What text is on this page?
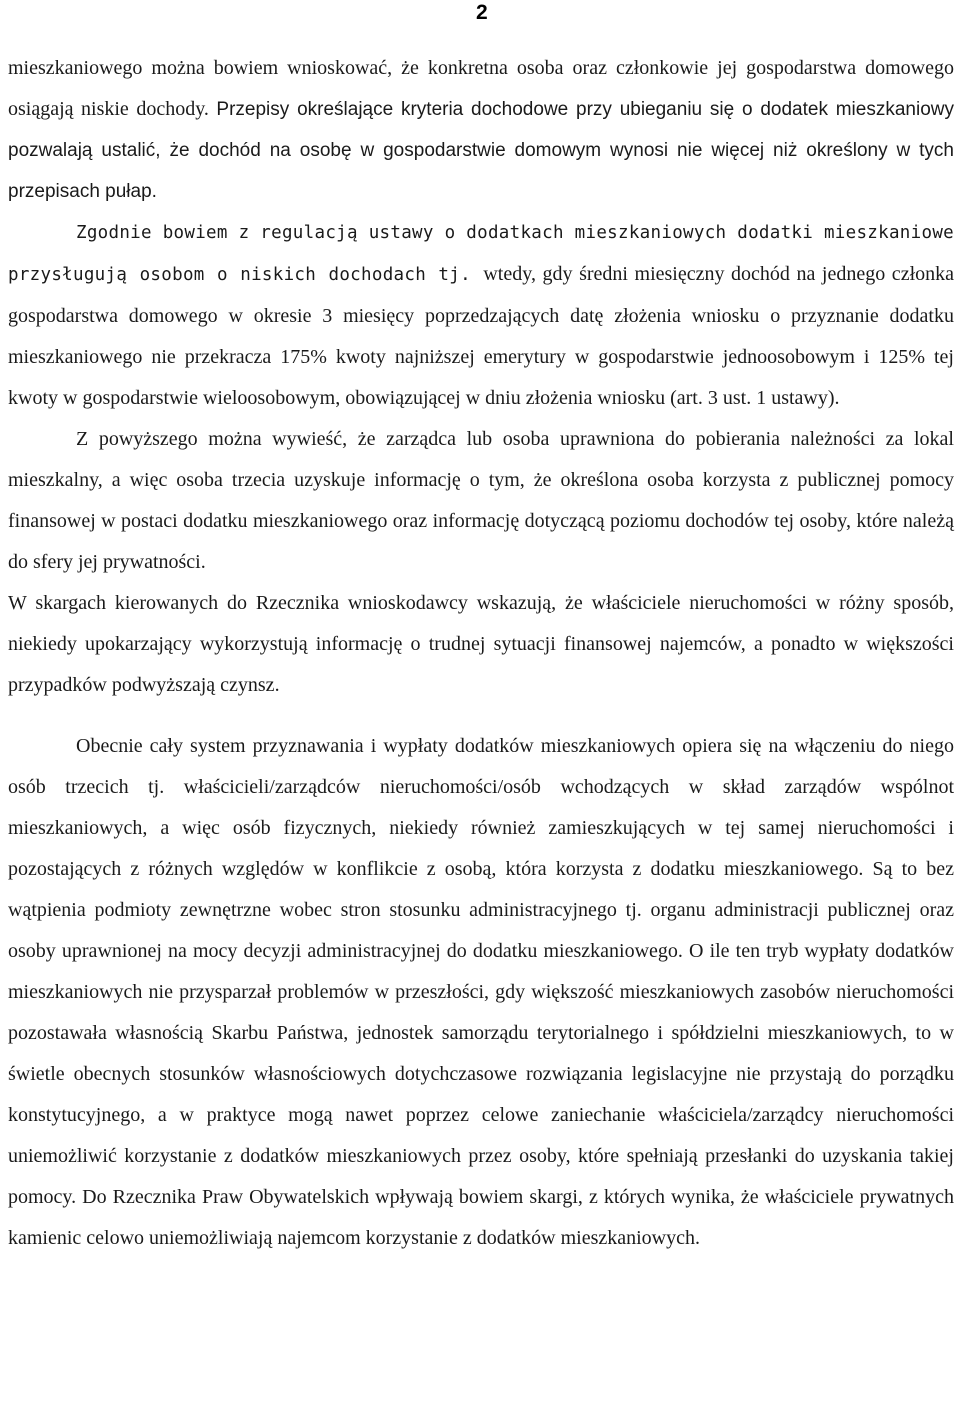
2

mieszkaniowego można bowiem wnioskować, że konkretna osoba oraz członkowie jej gospodarstwa domowego osiągają niskie dochody. Przepisy określające kryteria dochodowe przy ubieganiu się o dodatek mieszkaniowy pozwalają ustalić, że dochód na osobę w gospodarstwie domowym wynosi nie więcej niż określony w tych przepisach pułap.

Zgodnie bowiem z regulacją ustawy o dodatkach mieszkaniowych dodatki mieszkaniowe przysługują osobom o niskich dochodach tj. wtedy, gdy średni miesięczny dochód na jednego członka gospodarstwa domowego w okresie 3 miesięcy poprzedzających datę złożenia wniosku o przyznanie dodatku mieszkaniowego nie przekracza 175% kwoty najniższej emerytury w gospodarstwie jednoosobowym i 125% tej kwoty w gospodarstwie wieloosobowym, obowiązującej w dniu złożenia wniosku (art. 3 ust. 1 ustawy).

Z powyższego można wywieść, że zarządca lub osoba uprawniona do pobierania należności za lokal mieszkalny, a więc osoba trzecia uzyskuje informację o tym, że określona osoba korzysta z publicznej pomocy finansowej w postaci dodatku mieszkaniowego oraz informację dotyczącą poziomu dochodów tej osoby, które należą do sfery jej prywatności.

W skargach kierowanych do Rzecznika wnioskodawcy wskazują, że właściciele nieruchomości w różny sposób, niekiedy upokarzający wykorzystują informację o trudnej sytuacji finansowej najemców, a ponadto w większości przypadków podwyższają czynsz.

Obecnie cały system przyznawania i wypłaty dodatków mieszkaniowych opiera się na włączeniu do niego osób trzecich tj. właścicieli/zarządców nieruchomości/osób wchodzących w skład zarządów wspólnot mieszkaniowych, a więc osób fizycznych, niekiedy również zamieszkujących w tej samej nieruchomości i pozostających z różnych względów w konflikcie z osobą, która korzysta z dodatku mieszkaniowego. Są to bez wątpienia podmioty zewnętrzne wobec stron stosunku administracyjnego tj. organu administracji publicznej oraz osoby uprawnionej na mocy decyzji administracyjnej do dodatku mieszkaniowego. O ile ten tryb wypłaty dodatków mieszkaniowych nie przysparzał problemów w przeszłości, gdy większość mieszkaniowych zasobów nieruchomości pozostawała własnością Skarbu Państwa, jednostek samorządu terytorialnego i spółdzielni mieszkaniowych, to w świetle obecnych stosunków własnościowych dotychczasowe rozwiązania legislacyjne nie przystają do porządku konstytucyjnego, a w praktyce mogą nawet poprzez celowe zaniechanie właściciela/zarządcy nieruchomości uniemożliwić korzystanie z dodatków mieszkaniowych przez osoby, które spełniają przesłanki do uzyskania takiej pomocy. Do Rzecznika Praw Obywatelskich wpływają bowiem skargi, z których wynika, że właściciele prywatnych kamienic celowo uniemożliwiają najemcom korzystanie z dodatków mieszkaniowych.
